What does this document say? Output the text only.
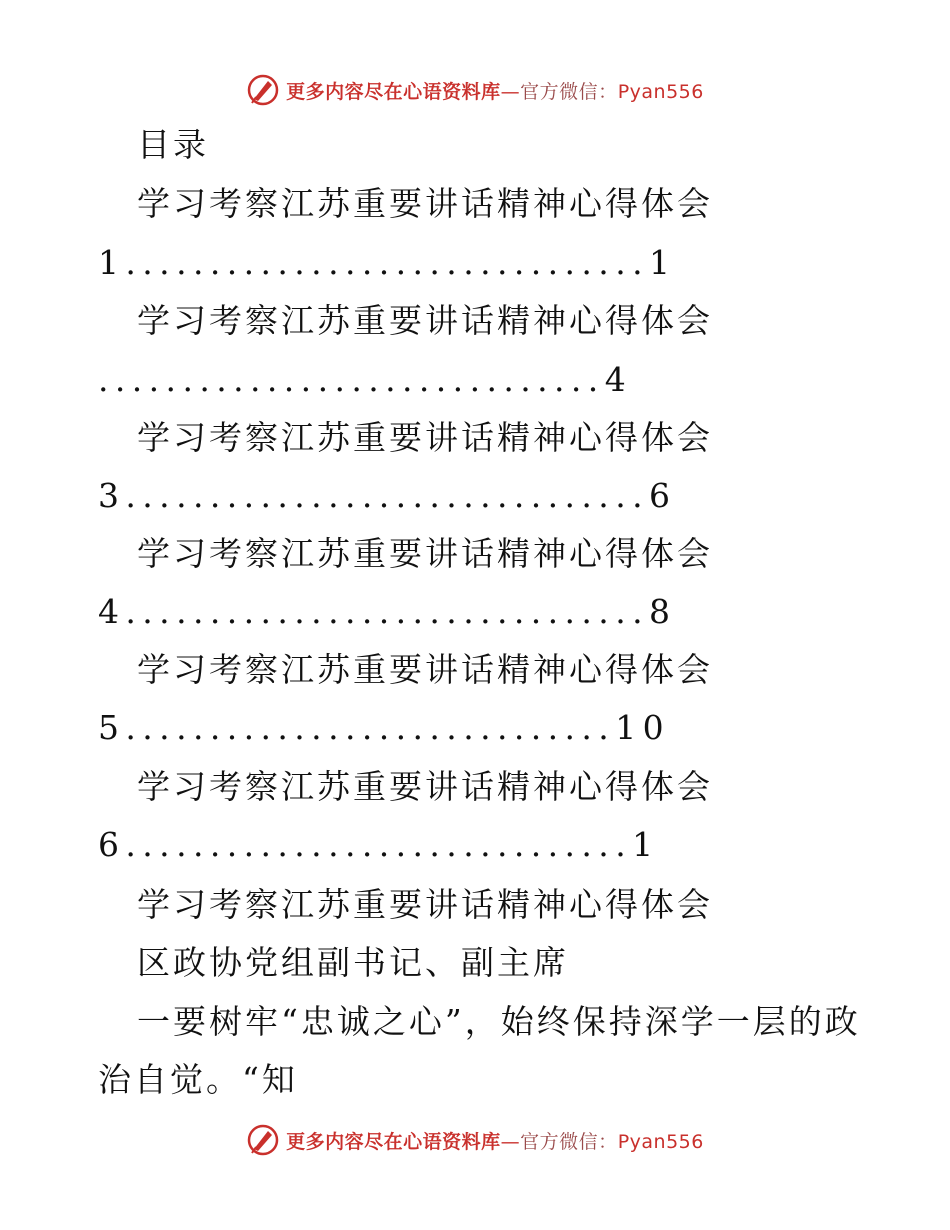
更多内容尽在心语资料库—官方微信：Pyan556
目录
学习考察江苏重要讲话精神心得体会
1...............................1
学习考察江苏重要讲话精神心得体会
..............................4
学习考察江苏重要讲话精神心得体会
3...............................6
学习考察江苏重要讲话精神心得体会
4...............................8
学习考察江苏重要讲话精神心得体会
5.............................10
学习考察江苏重要讲话精神心得体会
6..............................1
学习考察江苏重要讲话精神心得体会
区政协党组副书记、副主席
一要树牢“忠诚之心”，始终保持深学一层的政
治自觉。“知
更多内容尽在心语资料库—官方微信：Pyan556
